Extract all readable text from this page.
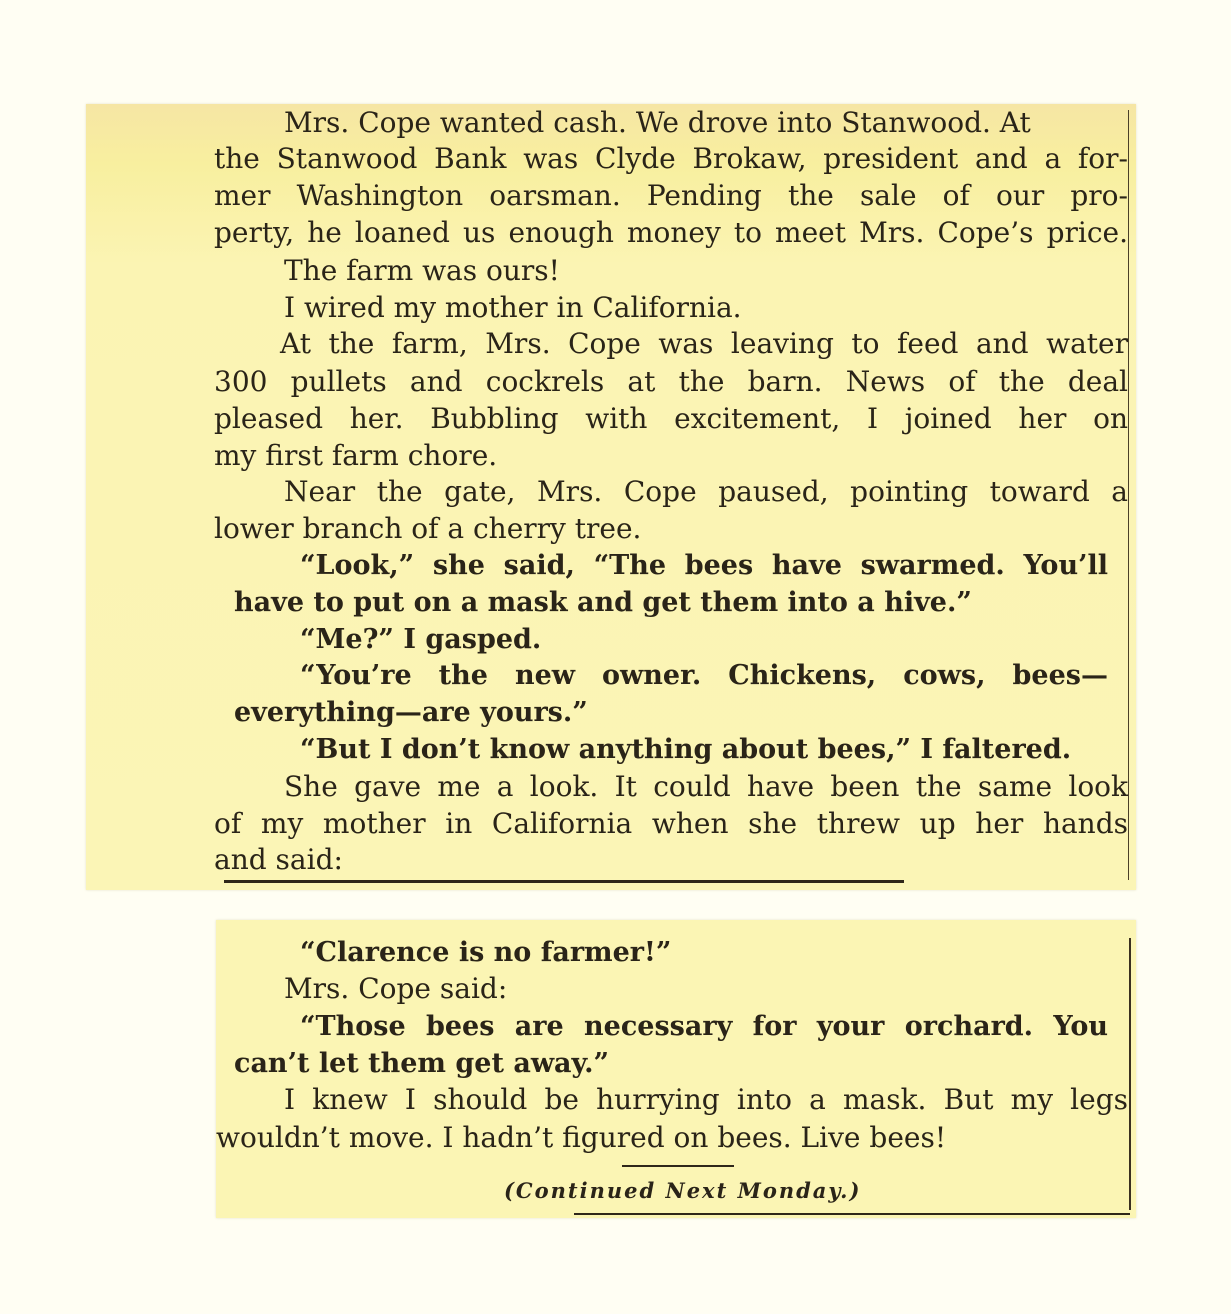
Mrs. Cope wanted cash. We drove into Stanwood. At
the Stanwood Bank was Clyde Brokaw, president and a for-
mer Washington oarsman. Pending the sale of our pro-
perty, he loaned us enough money to meet Mrs. Cope’s price.
The farm was ours!
I wired my mother in California.
At the farm, Mrs. Cope was leaving to feed and water
300 pullets and cockrels at the barn. News of the deal
pleased her. Bubbling with excitement, I joined her on
my first farm chore.
Near the gate, Mrs. Cope paused, pointing toward a
lower branch of a cherry tree.
“Look,” she said, “The bees have swarmed. You’ll
have to put on a mask and get them into a hive.”
“Me?” I gasped.
“You’re the new owner. Chickens, cows, bees—
everything—are yours.”
“But I don’t know anything about bees,” I faltered.
She gave me a look. It could have been the same look
of my mother in California when she threw up her hands
and said:
“Clarence is no farmer!”
Mrs. Cope said:
“Those bees are necessary for your orchard. You
can’t let them get away.”
I knew I should be hurrying into a mask. But my legs
wouldn’t move. I hadn’t figured on bees. Live bees!
(Continued Next Monday.)
